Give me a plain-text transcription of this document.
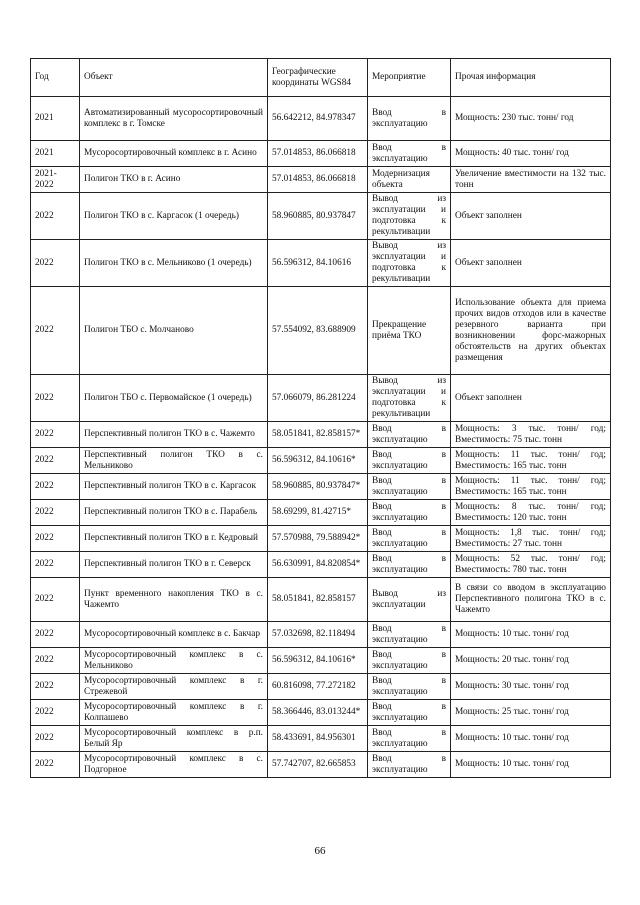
Год	Объект	Географические координаты WGS84	Мероприятие	Прочая информация
2021	Автоматизированный мусоросортировочный комплекс в г. Томске	56.642212, 84.978347	Ввод в эксплуатацию	Мощность: 230 тыс. тонн/ год
2021	Мусоросортировочный комплекс в г. Асино	57.014853, 86.066818	Ввод в эксплуатацию	Мощность: 40 тыс. тонн/ год
2021-2022	Полигон ТКО в г. Асино	57.014853, 86.066818	Модернизация объекта	Увеличение вместимости на 132 тыс. тонн
2022	Полигон ТКО в с. Каргасок (1 очередь)	58.960885, 80.937847	Вывод из эксплуатации и подготовка к рекультивации	Объект заполнен
2022	Полигон ТКО в с. Мельниково (1 очередь)	56.596312, 84.10616	Вывод из эксплуатации и подготовка к рекультивации	Объект заполнен
2022	Полигон ТБО с. Молчаново	57.554092, 83.688909	Прекращение приёма ТКО	Использование объекта для приема прочих видов отходов или в качестве резервного варианта при возникновении форс-мажорных обстоятельств на других объектах размещения
2022	Полигон ТБО с. Первомайское (1 очередь)	57.066079, 86.281224	Вывод из эксплуатации и подготовка к рекультивации	Объект заполнен
2022	Перспективный полигон ТКО в с. Чажемто	58.051841, 82.858157*	Ввод в эксплуатацию	Мощность: 3 тыс. тонн/ год; Вместимость: 75 тыс. тонн
2022	Перспективный полигон ТКО в с. Мельниково	56.596312, 84.10616*	Ввод в эксплуатацию	Мощность: 11 тыс. тонн/ год; Вместимость: 165 тыс. тонн
2022	Перспективный полигон ТКО в с. Каргасок	58.960885, 80.937847*	Ввод в эксплуатацию	Мощность: 11 тыс. тонн/ год; Вместимость: 165 тыс. тонн
2022	Перспективный полигон ТКО в с. Парабель	58.69299, 81.42715*	Ввод в эксплуатацию	Мощность: 8 тыс. тонн/ год; Вместимость: 120 тыс. тонн
2022	Перспективный полигон ТКО в г. Кедровый	57.570988, 79.588942*	Ввод в эксплуатацию	Мощность: 1,8 тыс. тонн/ год; Вместимость: 27 тыс. тонн
2022	Перспективный полигон ТКО в г. Северск	56.630991, 84.820854*	Ввод в эксплуатацию	Мощность: 52 тыс. тонн/ год; Вместимость: 780 тыс. тонн
2022	Пункт временного накопления ТКО в с. Чажемто	58.051841, 82.858157	Вывод из эксплуатации	В связи со вводом в эксплуатацию Перспективного полигона ТКО в с. Чажемто
2022	Мусоросортировочный комплекс в с. Бакчар	57.032698, 82.118494	Ввод в эксплуатацию	Мощность: 10 тыс. тонн/ год
2022	Мусоросортировочный комплекс в с. Мельниково	56.596312, 84.10616*	Ввод в эксплуатацию	Мощность: 20 тыс. тонн/ год
2022	Мусоросортировочный комплекс в г. Стрежевой	60.816098, 77.272182	Ввод в эксплуатацию	Мощность: 30 тыс. тонн/ год
2022	Мусоросортировочный комплекс в г. Колпашево	58.366446, 83.013244*	Ввод в эксплуатацию	Мощность: 25 тыс. тонн/ год
2022	Мусоросортировочный комплекс в р.п. Белый Яр	58.433691, 84.956301	Ввод в эксплуатацию	Мощность: 10 тыс. тонн/ год
2022	Мусоросортировочный комплекс в с. Подгорное	57.742707, 82.665853	Ввод в эксплуатацию	Мощность: 10 тыс. тонн/ год
66
